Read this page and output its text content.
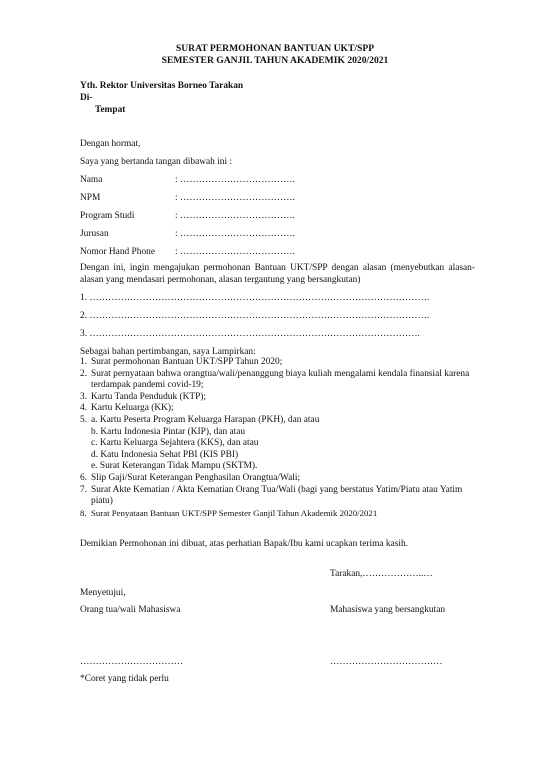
SURAT PERMOHONAN BANTUAN UKT/SPP
SEMESTER GANJIL TAHUN AKADEMIK 2020/2021
Yth. Rektor Universitas Borneo Tarakan
Di-
Tempat
Dengan hormat,
Saya yang bertanda tangan dibawah ini :
Nama	: ……………………………….
NPM	: ……………………………….
Program Studi	: ……………………………….
Jurusan	: ……………………………….
Nomor Hand Phone : ……………………………….
Dengan ini, ingin mengajukan permohonan Bantuan UKT/SPP dengan alasan (menyebutkan alasan-alasan yang mendasari permohonan, alasan tergantung yang bersangkutan)
1. ……………………………………………………………………………………………….
2. ……………………………………………………………………………………………….
3. …………………………………………………………………………………………….
Sebagai bahan pertimbangan, saya Lampirkan:
1. Surat permohonan Bantuan UKT/SPP Tahun 2020;
2. Surat pernyataan bahwa orangtua/wali/penanggung biaya kuliah mengalami kendala finansial karena terdampak pandemi covid-19;
3. Kartu Tanda Penduduk (KTP);
4. Kartu Keluarga (KK);
5. a. Kartu Peserta Program Keluarga Harapan (PKH), dan atau
b. Kartu Indonesia Pintar (KIP), dan atau
c. Kartu Keluarga Sejahtera (KKS), dan atau
d. Katu Indonesia Sehat PBI (KIS PBI)
e. Surat Keterangan Tidak Mampu (SKTM).
6. Slip Gaji/Surat Keterangan Penghasilan Orangtua/Wali;
7. Surat Akte Kematian / Akta Kematian Orang Tua/Wali (bagi yang berstatus Yatim/Piatu atau Yatim piatu)
8. Surat Penyataan Bantuan UKT/SPP Semester Ganjil Tahun Akademik 2020/2021
Demikian Permohonan ini dibuat, atas perhatian Bapak/Ibu kami ucapkan terima kasih.
Tarakan,………………..…
Menyetujui,
Orang tua/wali Mahasiswa	Mahasiswa yang bersangkutan
……………………………	………………………………
*Coret yang tidak perlu
